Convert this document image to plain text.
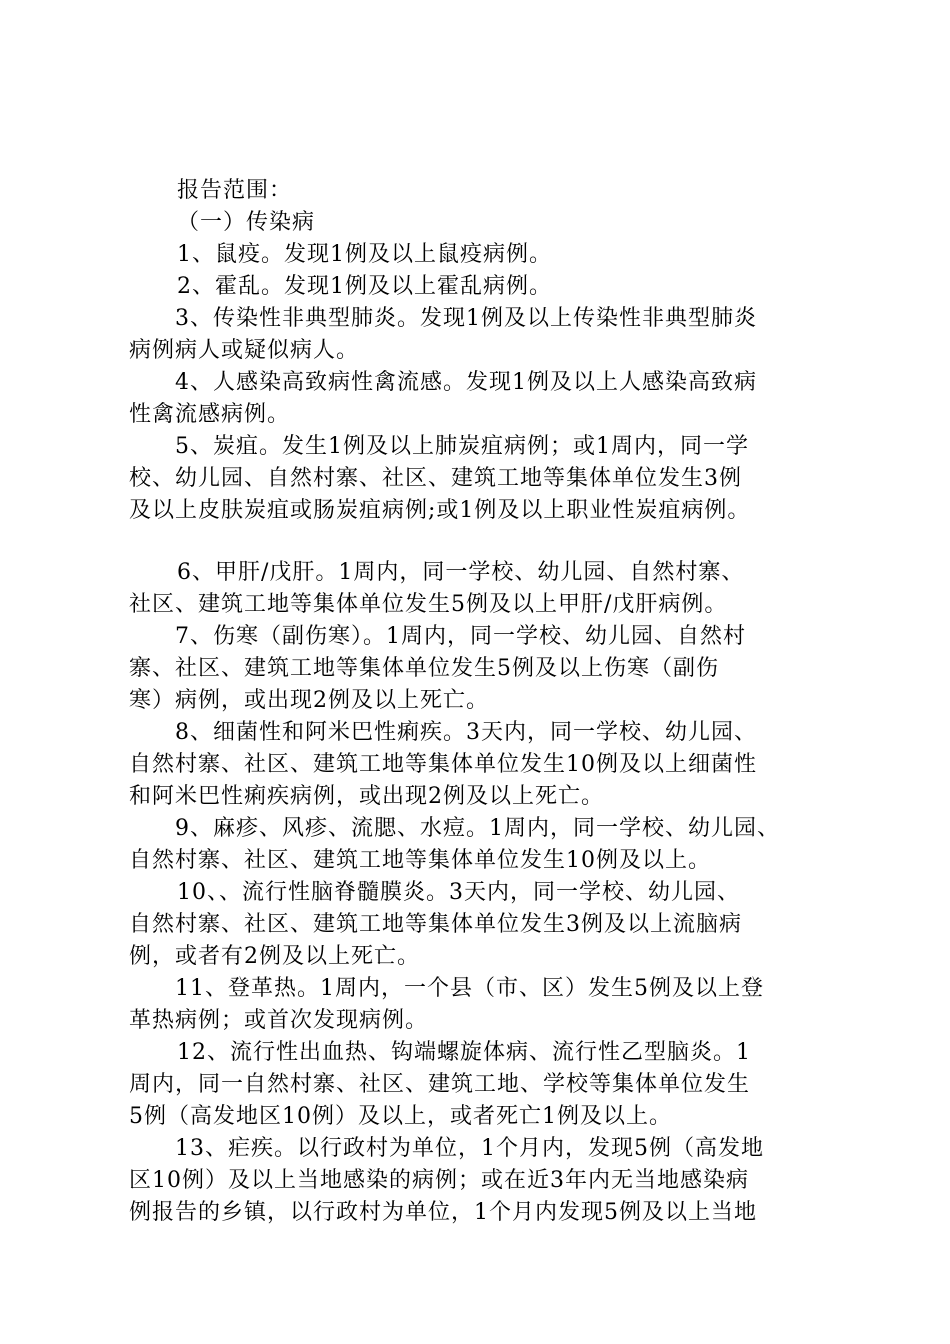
报告范围：
（一）传染病
1、鼠疫。发现1例及以上鼠疫病例。
2、霍乱。发现1例及以上霍乱病例。
3、传染性非典型肺炎。发现1例及以上传染性非典型肺炎
病例病人或疑似病人。
4、人感染高致病性禽流感。发现1例及以上人感染高致病
性禽流感病例。
5、炭疽。发生1例及以上肺炭疽病例；或1周内，同一学
校、幼儿园、自然村寨、社区、建筑工地等集体单位发生3例
及以上皮肤炭疽或肠炭疽病例;或1例及以上职业性炭疽病例。
6、甲肝/戊肝。1周内，同一学校、幼儿园、自然村寨、
社区、建筑工地等集体单位发生5例及以上甲肝/戊肝病例。
7、伤寒（副伤寒）。1周内，同一学校、幼儿园、自然村
寨、社区、建筑工地等集体单位发生5例及以上伤寒（副伤
寒）病例，或出现2例及以上死亡。
8、细菌性和阿米巴性痢疾。3天内，同一学校、幼儿园、
自然村寨、社区、建筑工地等集体单位发生10例及以上细菌性
和阿米巴性痢疾病例，或出现2例及以上死亡。
9、麻疹、风疹、流腮、水痘。1周内，同一学校、幼儿园、
自然村寨、社区、建筑工地等集体单位发生10例及以上。
10、、流行性脑脊髓膜炎。3天内，同一学校、幼儿园、
自然村寨、社区、建筑工地等集体单位发生3例及以上流脑病
例，或者有2例及以上死亡。
11、登革热。1周内，一个县（市、区）发生5例及以上登
革热病例；或首次发现病例。
12、流行性出血热、钩端螺旋体病、流行性乙型脑炎。1
周内，同一自然村寨、社区、建筑工地、学校等集体单位发生
5例（高发地区10例）及以上，或者死亡1例及以上。
13、疟疾。以行政村为单位，1个月内，发现5例（高发地
区10例）及以上当地感染的病例；或在近3年内无当地感染病
例报告的乡镇，以行政村为单位，1个月内发现5例及以上当地
